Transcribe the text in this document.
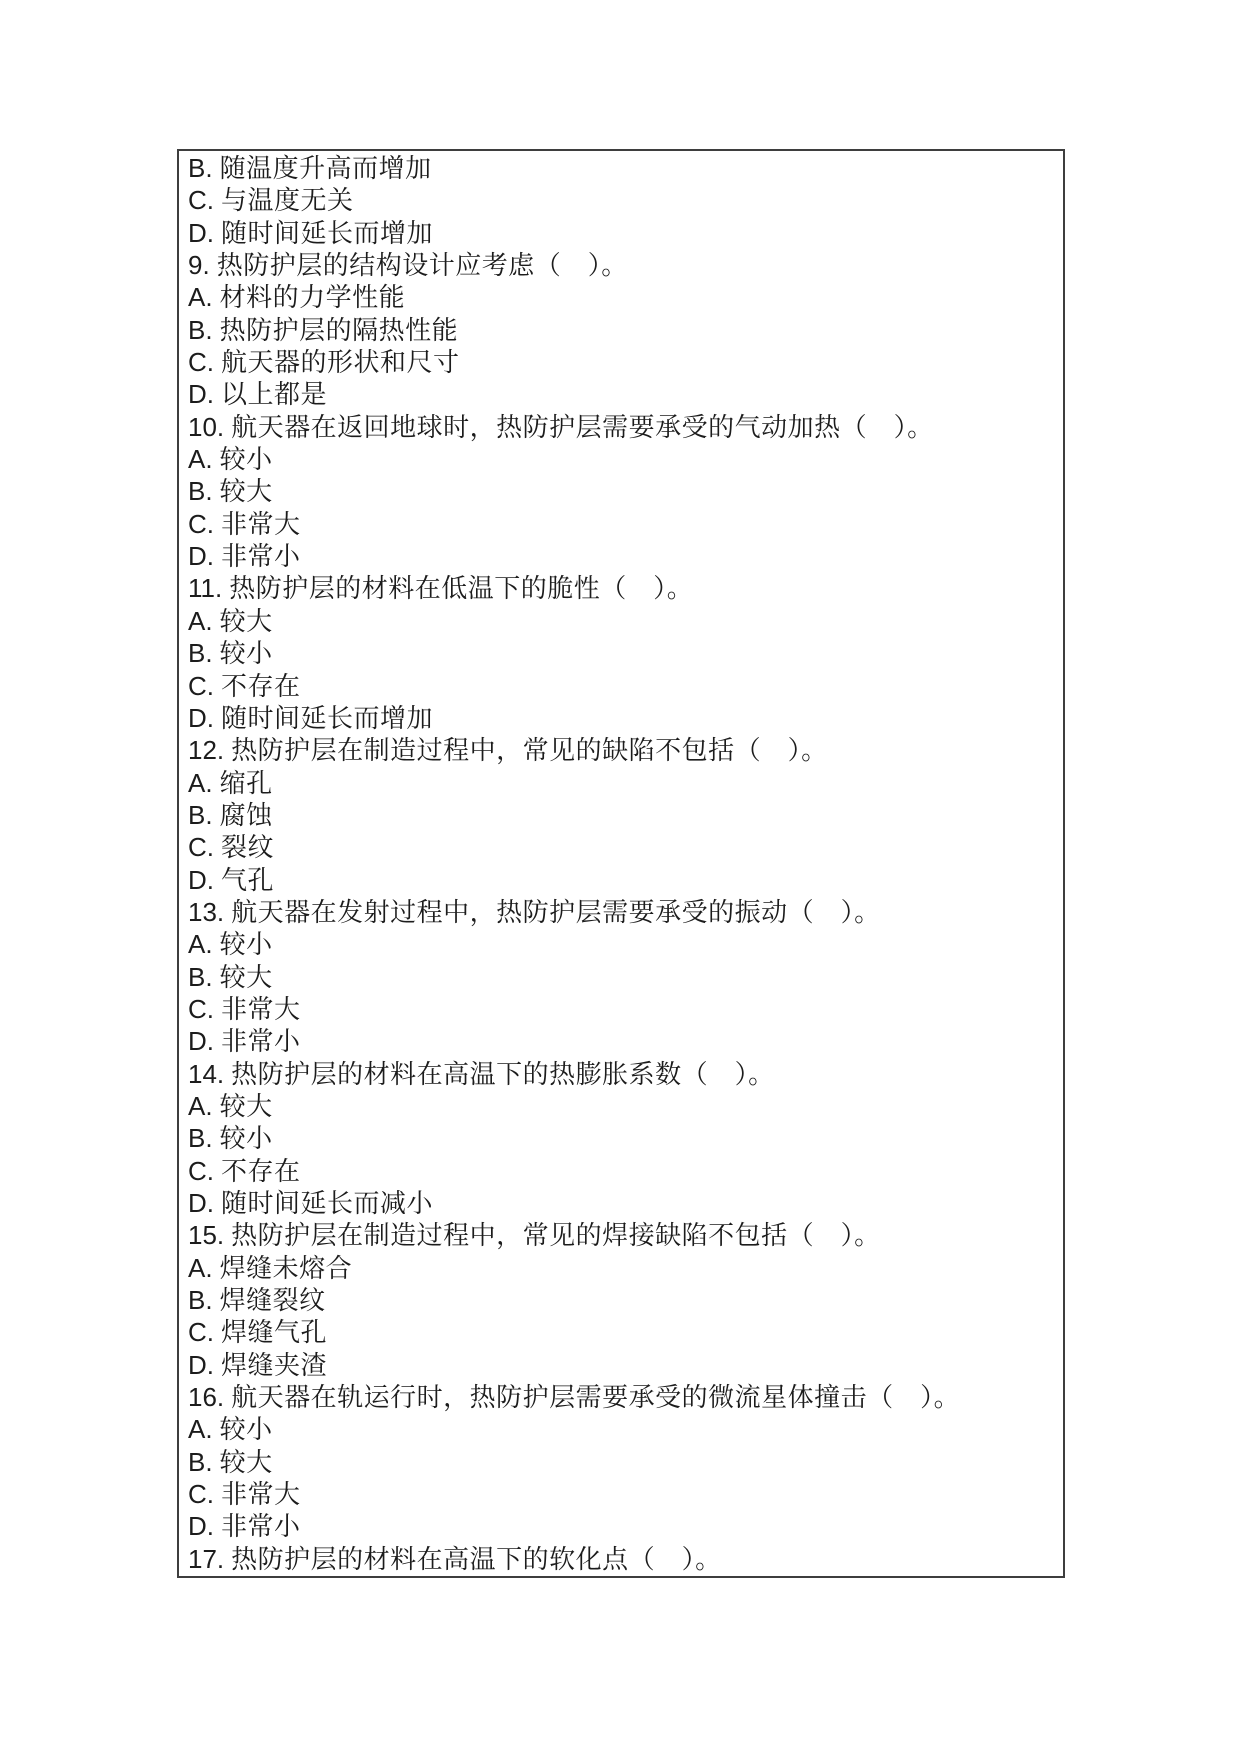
B. 随温度升高而增加
C. 与温度无关
D. 随时间延长而增加
9. 热防护层的结构设计应考虑（　）。
A. 材料的力学性能
B. 热防护层的隔热性能
C. 航天器的形状和尺寸
D. 以上都是
10. 航天器在返回地球时，热防护层需要承受的气动加热（　）。
A. 较小
B. 较大
C. 非常大
D. 非常小
11. 热防护层的材料在低温下的脆性（　）。
A. 较大
B. 较小
C. 不存在
D. 随时间延长而增加
12. 热防护层在制造过程中，常见的缺陷不包括（　）。
A. 缩孔
B. 腐蚀
C. 裂纹
D. 气孔
13. 航天器在发射过程中，热防护层需要承受的振动（　）。
A. 较小
B. 较大
C. 非常大
D. 非常小
14. 热防护层的材料在高温下的热膨胀系数（　）。
A. 较大
B. 较小
C. 不存在
D. 随时间延长而减小
15. 热防护层在制造过程中，常见的焊接缺陷不包括（　）。
A. 焊缝未熔合
B. 焊缝裂纹
C. 焊缝气孔
D. 焊缝夹渣
16. 航天器在轨运行时，热防护层需要承受的微流星体撞击（　）。
A. 较小
B. 较大
C. 非常大
D. 非常小
17. 热防护层的材料在高温下的软化点（　）。
